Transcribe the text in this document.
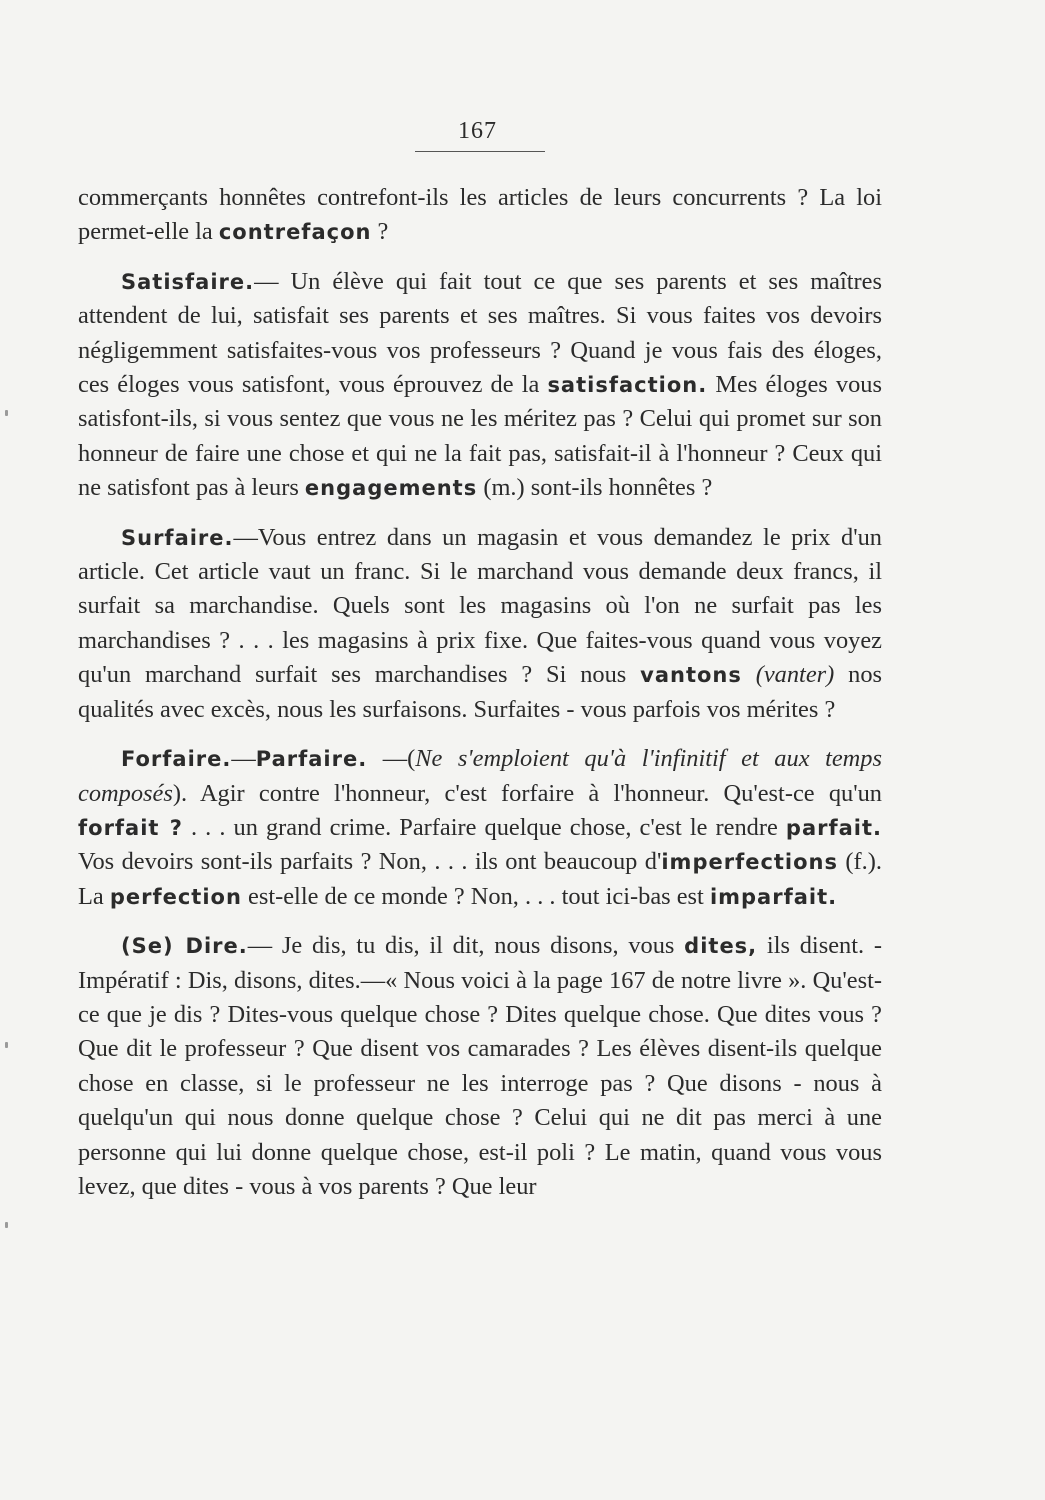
167

commerçants honnêtes contrefont-ils les articles de leurs concurrents ? La loi permet-elle la contrefaçon ?

Satisfaire.— Un élève qui fait tout ce que ses parents et ses maîtres attendent de lui, satisfait ses parents et ses maîtres. Si vous faites vos devoirs négligemment satisfaites-vous vos professeurs ? Quand je vous fais des éloges, ces éloges vous satisfont, vous éprouvez de la satisfaction. Mes éloges vous satisfont-ils, si vous sentez que vous ne les méritez pas ? Celui qui promet sur son honneur de faire une chose et qui ne la fait pas, satisfait-il à l'honneur ? Ceux qui ne satisfont pas à leurs engagements (m.) sont-ils honnêtes ?

Surfaire.—Vous entrez dans un magasin et vous demandez le prix d'un article. Cet article vaut un franc. Si le marchand vous demande deux francs, il surfait sa marchandise. Quels sont les magasins où l'on ne surfait pas les marchandises ? . . . les magasins à prix fixe. Que faites-vous quand vous voyez qu'un marchand surfait ses marchandises ? Si nous vantons (vanter) nos qualités avec excès, nous les surfaisons. Surfaites - vous parfois vos mérites ?

Forfaire.—Parfaire. —(Ne s'emploient qu'à l'infinitif et aux temps composés). Agir contre l'honneur, c'est forfaire à l'honneur. Qu'est-ce qu'un forfait ? . . . un grand crime. Parfaire quelque chose, c'est le rendre parfait. Vos devoirs sont-ils parfaits ? Non, . . . ils ont beaucoup d'imperfections (f.). La perfection est-elle de ce monde ? Non, . . . tout ici-bas est imparfait.

(Se) Dire.— Je dis, tu dis, il dit, nous disons, vous dites, ils disent. - Impératif : Dis, disons, dites.—« Nous voici à la page 167 de notre livre ». Qu'est-ce que je dis ? Dites-vous quelque chose ? Dites quelque chose. Que dites vous ? Que dit le professeur ? Que disent vos camarades ? Les élèves disent-ils quelque chose en classe, si le professeur ne les interroge pas ? Que disons - nous à quelqu'un qui nous donne quelque chose ? Celui qui ne dit pas merci à une personne qui lui donne quelque chose, est-il poli ? Le matin, quand vous vous levez, que dites - vous à vos parents ? Que leur
